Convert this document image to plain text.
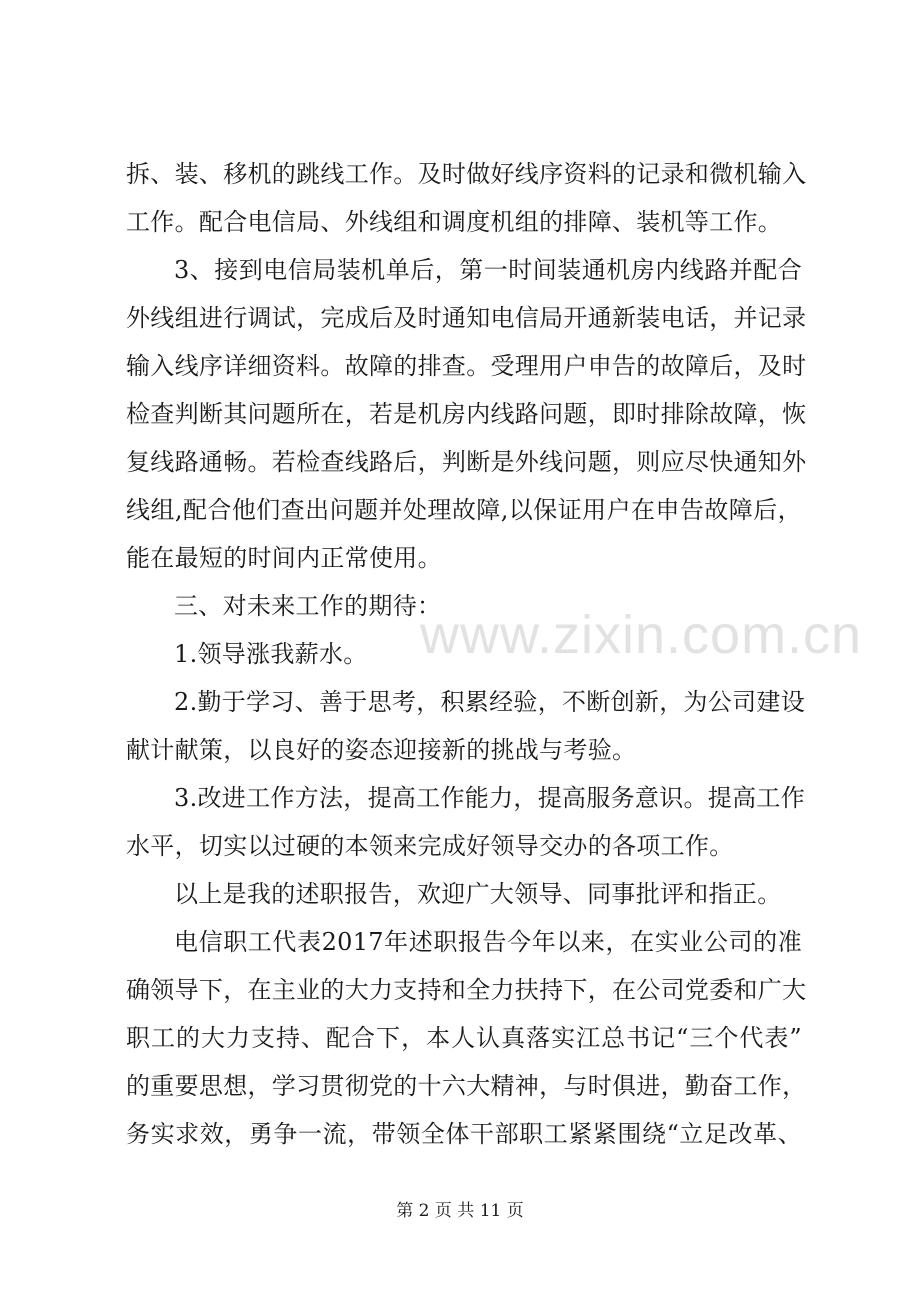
拆、装、移机的跳线工作。及时做好线序资料的记录和微机输入
工作。配合电信局、外线组和调度机组的排障、装机等工作。
3、接到电信局装机单后，第一时间装通机房内线路并配合
外线组进行调试，完成后及时通知电信局开通新装电话，并记录
输入线序详细资料。故障的排查。受理用户申告的故障后，及时
检查判断其问题所在，若是机房内线路问题，即时排除故障，恢
复线路通畅。若检查线路后，判断是外线问题，则应尽快通知外
线组,配合他们查出问题并处理故障,以保证用户在申告故障后，
能在最短的时间内正常使用。
三、对未来工作的期待：
1.领导涨我薪水。
2.勤于学习、善于思考，积累经验，不断创新，为公司建设
献计献策，以良好的姿态迎接新的挑战与考验。
3.改进工作方法，提高工作能力，提高服务意识。提高工作
水平，切实以过硬的本领来完成好领导交办的各项工作。
以上是我的述职报告，欢迎广大领导、同事批评和指正。
电信职工代表2017年述职报告今年以来，在实业公司的准
确领导下，在主业的大力支持和全力扶持下，在公司党委和广大
职工的大力支持、配合下，本人认真落实江总书记“三个代表”
的重要思想，学习贯彻党的十六大精神，与时俱进，勤奋工作，
务实求效，勇争一流，带领全体干部职工紧紧围绕“立足改革、
www.zixin.com.cn
第 2 页 共 11 页
